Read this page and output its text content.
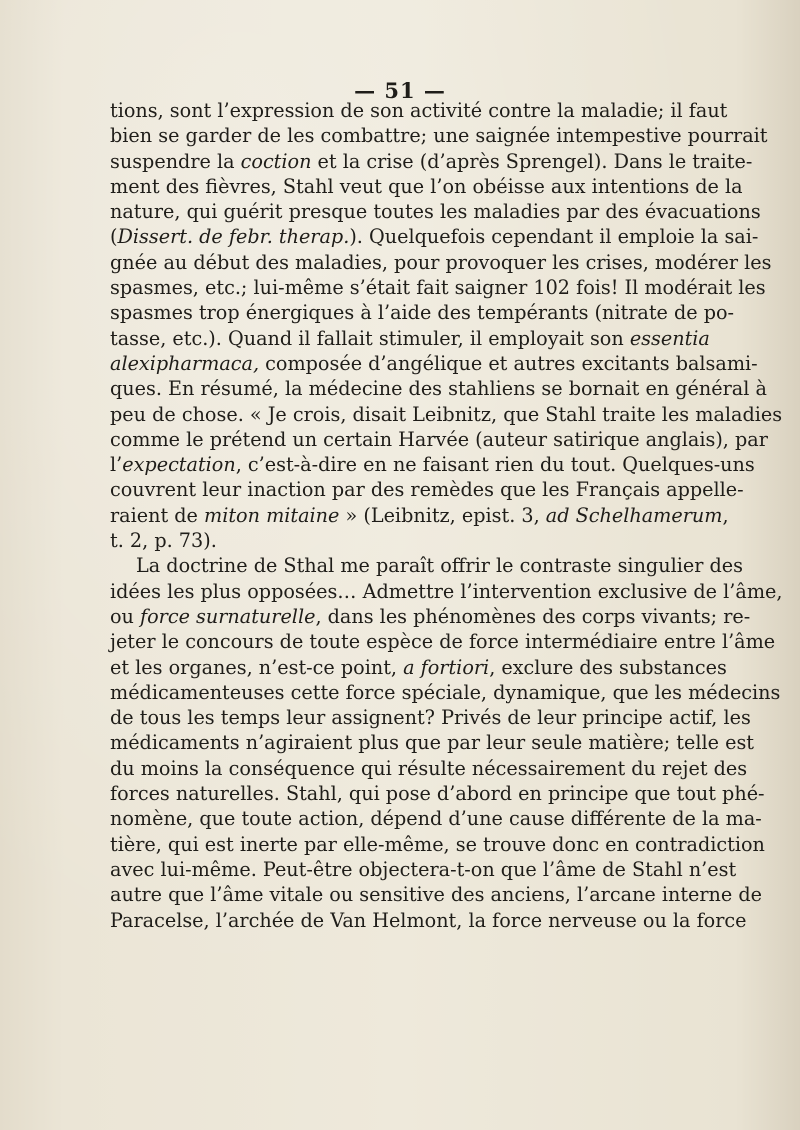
— 51 —
tions, sont l’expression de son activité contre la maladie; il faut
bien se garder de les combattre; une saignée intempestive pourrait
suspendre la coction et la crise (d’après Sprengel). Dans le traite-
ment des fièvres, Stahl veut que l’on obéisse aux intentions de la
nature, qui guérit presque toutes les maladies par des évacuations
(Dissert. de febr. therap.). Quelquefois cependant il emploie la sai-
gnée au début des maladies, pour provoquer les crises, modérer les
spasmes, etc.; lui-même s’était fait saigner 102 fois! Il modérait les
spasmes trop énergiques à l’aide des tempérants (nitrate de po-
tasse, etc.). Quand il fallait stimuler, il employait son essentia
alexipharmaca, composée d’angélique et autres excitants balsami-
ques. En résumé, la médecine des stahliens se bornait en général à
peu de chose. « Je crois, disait Leibnitz, que Stahl traite les maladies
comme le prétend un certain Harvée (auteur satirique anglais), par
l’expectation, c’est-à-dire en ne faisant rien du tout. Quelques-uns
couvrent leur inaction par des remèdes que les Français appelle-
raient de miton mitaine » (Leibnitz, epist. 3, ad Schelhamerum,
t. 2, p. 73).
La doctrine de Sthal me paraît offrir le contraste singulier des
idées les plus opposées… Admettre l’intervention exclusive de l’âme,
ou force surnaturelle, dans les phénomènes des corps vivants; re-
jeter le concours de toute espèce de force intermédiaire entre l’âme
et les organes, n’est-ce point, a fortiori, exclure des substances
médicamenteuses cette force spéciale, dynamique, que les médecins
de tous les temps leur assignent? Privés de leur principe actif, les
médicaments n’agiraient plus que par leur seule matière; telle est
du moins la conséquence qui résulte nécessairement du rejet des
forces naturelles. Stahl, qui pose d’abord en principe que tout phé-
nomène, que toute action, dépend d’une cause différente de la ma-
tière, qui est inerte par elle-même, se trouve donc en contradiction
avec lui-même. Peut-être objectera-t-on que l’âme de Stahl n’est
autre que l’âme vitale ou sensitive des anciens, l’arcane interne de
Paracelse, l’archée de Van Helmont, la force nerveuse ou la force
